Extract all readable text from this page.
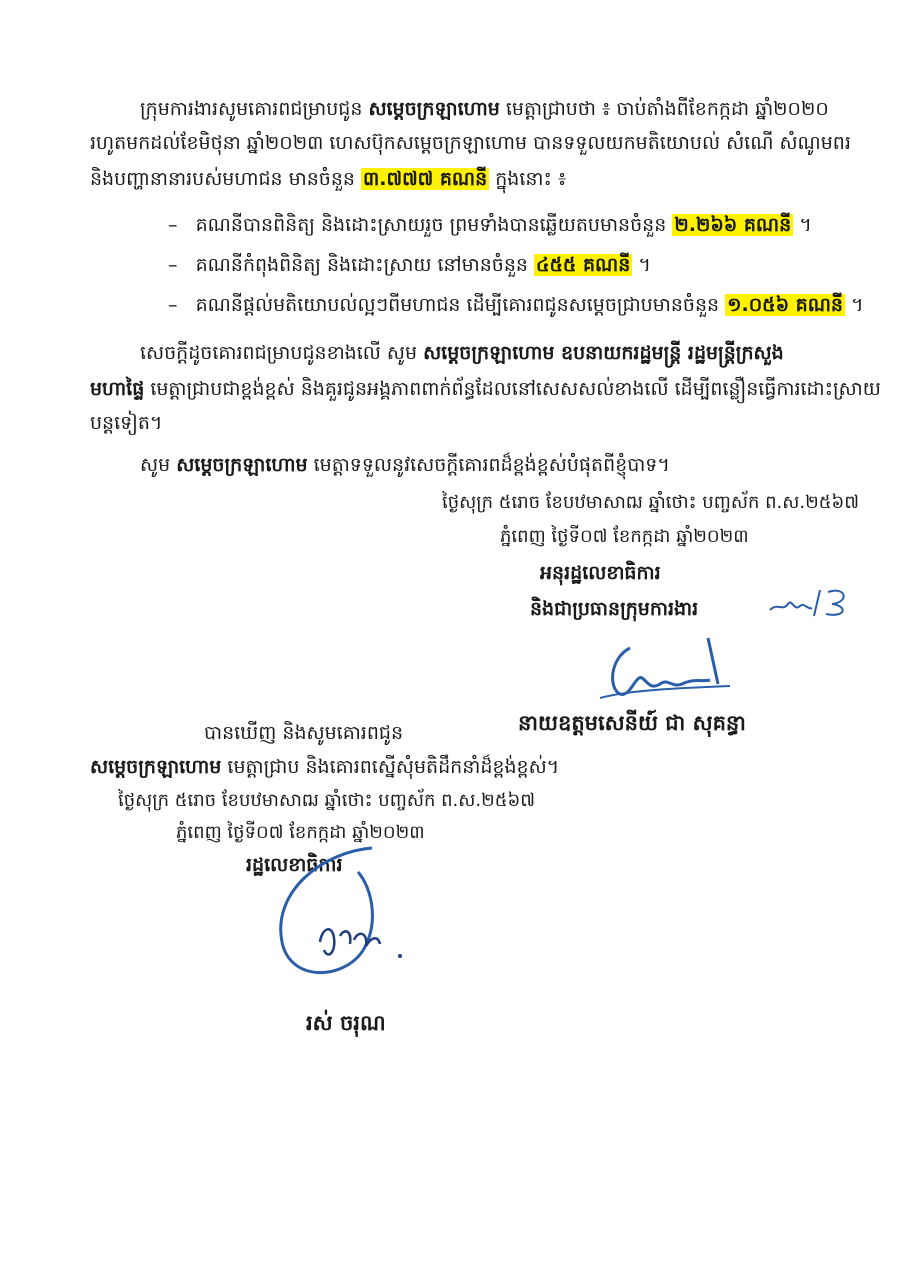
ក្រុមការងារសូមគោរពជម្រាបជូន សម្តេចក្រឡាហោម មេត្តាជ្រាបថា ៖ ចាប់តាំងពីខែកក្កដា ឆ្នាំ២០២០
រហូតមកដល់ខែមិថុនា ឆ្នាំ២០២៣ ហេសប៊ុកសម្តេចក្រឡាហោម បានទទួលយកមតិយោបល់ សំណើ សំណូមពរ
និងបញ្ហានានារបស់មហាជន មានចំនួន ៣.៧៧៧ គណនី ក្នុងនោះ ៖
– គណនីបានពិនិត្យ និងដោះស្រាយរួច ព្រមទាំងបានឆ្លើយតបមានចំនួន ២.២៦៦ គណនី ។
– គណនីកំពុងពិនិត្យ និងដោះស្រាយ នៅមានចំនួន ៤៥៥ គណនី ។
– គណនីផ្តល់មតិយោបល់ល្អៗពីមហាជន ដើម្បីគោរពជូនសម្តេចជ្រាបមានចំនួន ១.០៥៦ គណនី ។
សេចក្តីដូចគោរពជម្រាបជូនខាងលើ សូម សម្តេចក្រឡាហោម ឧបនាយករដ្ឋមន្ត្រី រដ្ឋមន្ត្រីក្រសួង
មហាផ្ទៃ មេត្តាជ្រាបជាខ្ពង់ខ្ពស់ និងគួរជូនអង្គភាពពាក់ព័ន្ធដែលនៅសេសសល់ខាងលើ ដើម្បីពន្លឿនធ្វើការដោះស្រាយ
បន្តទៀត។
សូម សម្តេចក្រឡាហោម មេត្តាទទួលនូវសេចក្តីគោរពដ៏ខ្ពង់ខ្ពស់បំផុតពីខ្ញុំបាទ។
ថ្ងៃសុក្រ ៥រោច ខែបឋមាសាឍ ឆ្នាំថោះ បញ្ចស័ក ព.ស.២៥៦៧
ភ្នំពេញ ថ្ងៃទី០៧ ខែកក្កដា ឆ្នាំ២០២៣
អនុរដ្ឋលេខាធិការ
និងជាប្រធានក្រុមការងារ
នាយឧត្តមសេនីយ៍ ជា សុគន្ធា
បានឃើញ និងសូមគោរពជូន
សម្តេចក្រឡាហោម មេត្តាជ្រាប និងគោរពស្នើសុំមតិដឹកនាំដ៏ខ្ពង់ខ្ពស់។
ថ្ងៃសុក្រ ៥រោច ខែបឋមាសាឍ ឆ្នាំថោះ បញ្ចស័ក ព.ស.២៥៦៧
ភ្នំពេញ ថ្ងៃទី០៧ ខែកក្កដា ឆ្នាំ២០២៣
រដ្ឋលេខាធិការ
រស់ ចរុណ
